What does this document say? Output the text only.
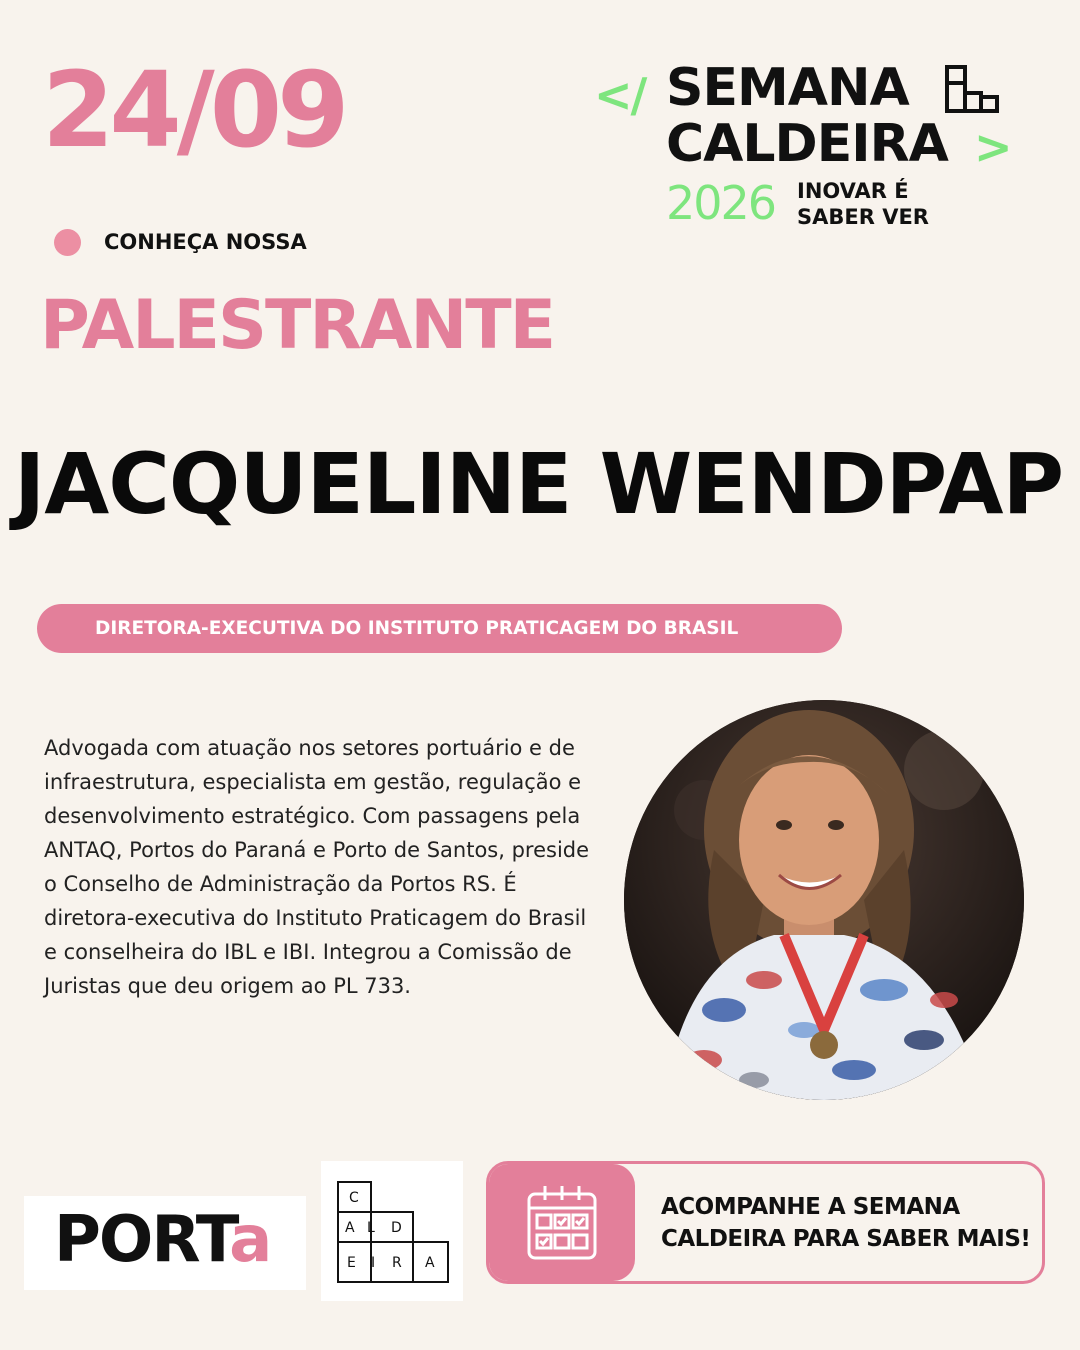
24/09	</ SEMANA
CALDEIRA >
2026 INOVAR É SABER VER
CONHEÇA NOSSA
PALESTRANTE
JACQUELINE WENDPAP
DIRETORA-EXECUTIVA DO INSTITUTO PRATICAGEM DO BRASIL
Advogada com atuação nos setores portuário e de infraestrutura, especialista em gestão, regulação e desenvolvimento estratégico. Com passagens pela ANTAQ, Portos do Paraná e Porto de Santos, preside o Conselho de Administração da Portos RS. É diretora-executiva do Instituto Praticagem do Brasil e conselheira do IBL e IBI. Integrou a Comissão de Juristas que deu origem ao PL 733.
PORTa
C
A L D
E I R A
ACOMPANHE A SEMANA CALDEIRA PARA SABER MAIS!
